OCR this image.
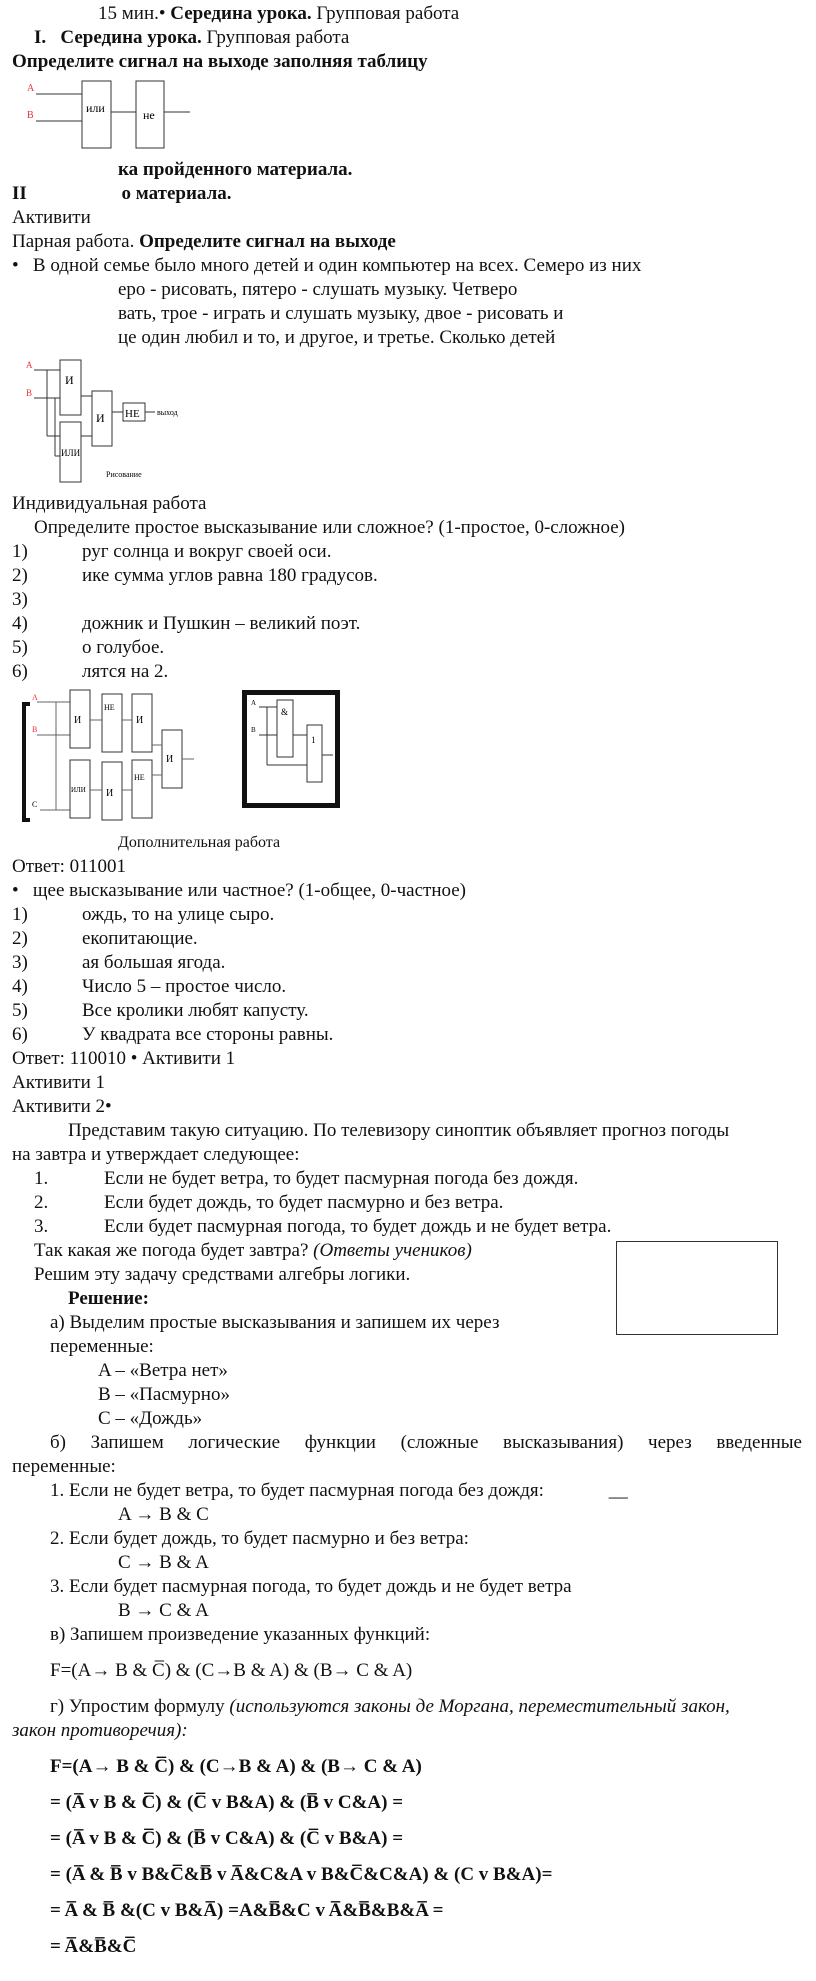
15 мин.• Середина урока. Групповая работа
I. Середина урока. Групповая работа
Определите сигнал на выходе заполняя таблицу
A
B
или	не
ка пройденного материала.
II	о материала.
Активити
Парная работа. Определите сигнал на выходе
• В одной семье было много детей и один компьютер на всех. Семеро из них
еро - рисовать, пятеро - слушать музыку. Четверо
вать, трое - играть и слушать музыку, двое - рисовать и
це один любил и то, и другое, и третье. Сколько детей
A
B
И
ИЛИ
И НЕ выход
Рисование
Индивидуальная работа
Определите простое высказывание или сложное? (1-простое, 0-сложное)
1)	руг солнца и вокруг своей оси.
2)	ике сумма углов равна 180 градусов.
3)
4)	дожник и Пушкин – великий поэт.
5)	о голубое.
6)	лятся на 2.
A
B
C
И
ИЛИ
НЕ
И
И
НЕ
И
A
B
&
1
Дополнительная работа
Ответ: 011001
• щее высказывание или частное? (1-общее, 0-частное)
1)	ождь, то на улице сыро.
2)	екопитающие.
3)	ая большая ягода.
4)	Число 5 – простое число.
5)	Все кролики любят капусту.
6)	У квадрата все стороны равны.
Ответ: 110010 • Активити 1
Активити 1
Активити 2•
Представим такую ситуацию. По телевизору синоптик объявляет прогноз погоды
на завтра и утверждает следующее:
1.	Если не будет ветра, то будет пасмурная погода без дождя.
2.	Если будет дождь, то будет пасмурно и без ветра.
3.	Если будет пасмурная погода, то будет дождь и не будет ветра.
Так какая же погода будет завтра? (Ответы учеников)
Решим эту задачу средствами алгебры логики.
Решение:
а) Выделим простые высказывания и запишем их через переменные:
A – «Ветра нет»
B – «Пасмурно»
C – «Дождь»
б) Запишем логические функции (сложные высказывания) через введенные
переменные:
1. Если не будет ветра, то будет пасмурная погода без дождя:	__
A → B & C
2. Если будет дождь, то будет пасмурно и без ветра:
C → B & A
3. Если будет пасмурная погода, то будет дождь и не будет ветра
B → C & A
в) Запишем произведение указанных функций:
F=(A→ B & C̅) & (C→B & A) & (B→ C & A)
г) Упростим формулу (используются законы де Моргана, переместительный закон,
закон противоречия):
F=(A→ B & C̅) & (C→B & A) & (B→ C & A)
= (A̅ v B & C̅) & (C̅ v B&A) & (B̅ v C&A) =
= (A̅ v B & C̅) & (B̅ v C&A) & (C̅ v B&A) =
= (A̅ & B̅ v B&C̅&B̅ v A̅&C&A v B&C̅&C&A) & (C v B&A)=
= A̅ & B̅ &(C v B&A̅) =A&B̅&C v A̅&B̅&B&A̅ =
= A̅&B̅&C̅
